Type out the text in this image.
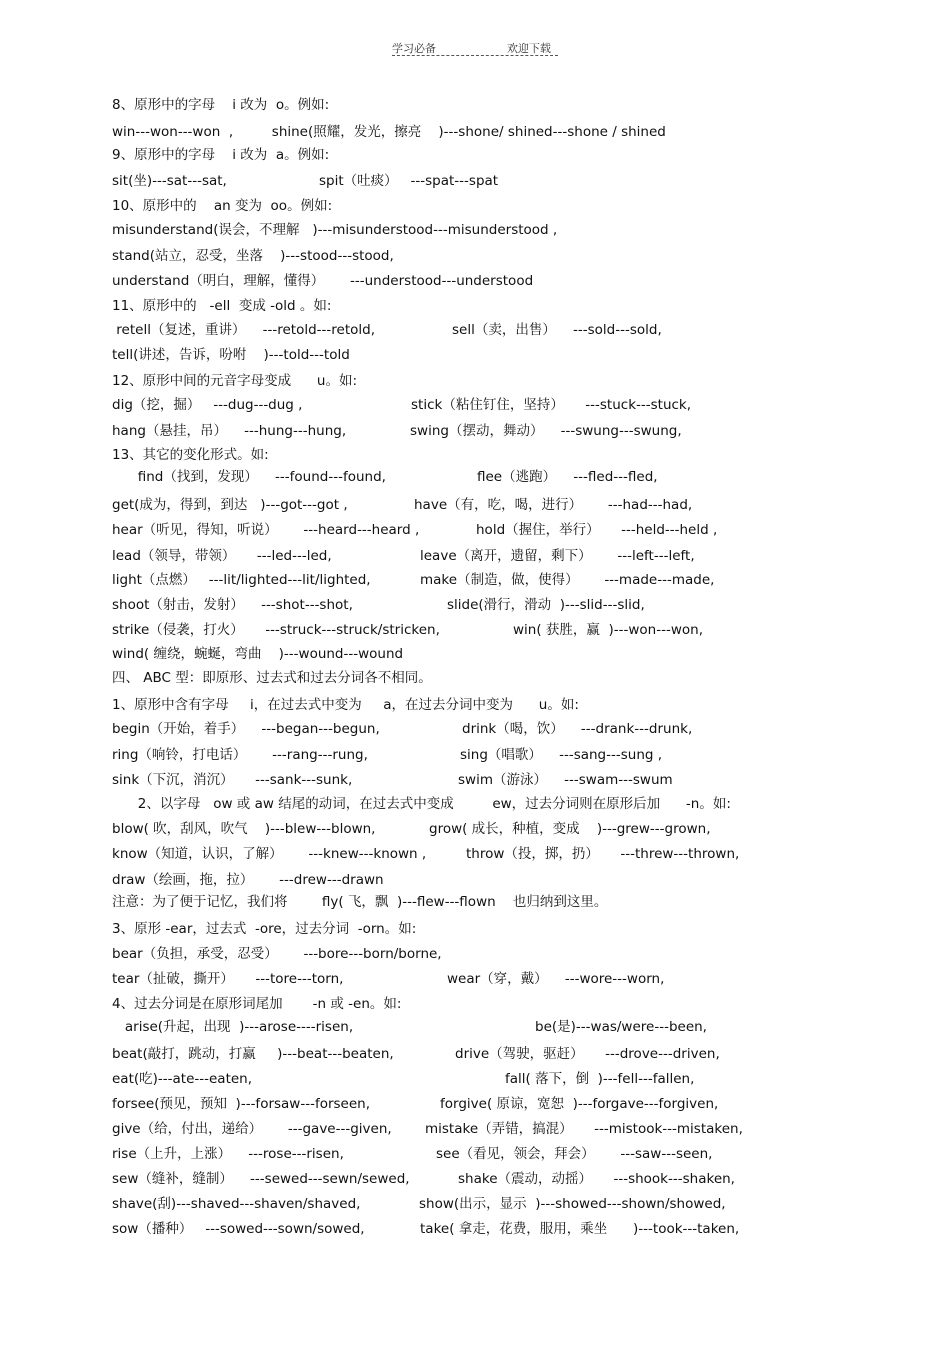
学习必备	欢迎下载
8、原形中的字母    i 改为  o。例如:
win---won---won  ,         shine(照耀，发光，擦亮    )---shone/ shined---shone / shined
9、原形中的字母    i 改为  a。例如:
sit(坐)---sat---sat,	spit（吐痰）   ---spat---spat
10、原形中的    an 变为  oo。例如:
misunderstand(误会，不理解   )---misunderstood---misunderstood ,
stand(站立，忍受，坐落    )---stood---stood,
understand（明白，理解，懂得）      ---understood---understood
11、原形中的   -ell  变成 -old 。如:
retell（复述，重讲）    ---retold---retold,	sell（卖，出售）    ---sold---sold,
tell(讲述，告诉，吩咐    )---told---told
12、原形中间的元音字母变成      u。如:
dig（挖，掘）   ---dug---dug ,	stick（粘住钉住，坚持）     ---stuck---stuck,
hang（悬挂，吊）    ---hung---hung,	swing（摆动，舞动）    ---swung---swung,
13、其它的变化形式。如:
find（找到，发现）    ---found---found,	flee（逃跑）    ---fled---fled,
get(成为，得到，到达   )---got---got ,	have（有，吃，喝，进行）      ---had---had,
hear（听见，得知，听说）      ---heard---heard ,	hold（握住，举行）     ---held---held ,
lead（领导，带领）     ---led---led,	leave（离开，遗留，剩下）      ---left---left,
light（点燃）   ---lit/lighted---lit/lighted,	make（制造，做，使得）      ---made---made,
shoot（射击，发射）    ---shot---shot,	slide(滑行，滑动  )---slid---slid,
strike（侵袭，打火）     ---struck---struck/stricken,	win( 获胜，赢  )---won---won,
wind( 缠绕，蜿蜒，弯曲    )---wound---wound
四、 ABC 型：即原形、过去式和过去分词各不相同。
1、原形中含有字母     i，在过去式中变为     a，在过去分词中变为      u。如:
begin（开始，着手）    ---began---begun,	drink（喝，饮）    ---drank---drunk,
ring（响铃，打电话）      ---rang---rung,	sing（唱歌）    ---sang---sung ,
sink（下沉，消沉）     ---sank---sunk,	swim（游泳）    ---swam---swum
2、以字母   ow 或 aw 结尾的动词，在过去式中变成         ew，过去分词则在原形后加      -n。如:
blow( 吹，刮风，吹气    )---blew---blown,	grow( 成长，种植，变成    )---grew---grown,
know（知道，认识，了解）      ---knew---known ,	throw（投，掷，扔）     ---threw---thrown,
draw（绘画，拖，拉）      ---drew---drawn
注意：为了便于记忆，我们将        fly( 飞，飘  )---flew---flown    也归纳到这里。
3、原形 -ear，过去式  -ore，过去分词  -orn。如:
bear（负担，承受，忍受）      ---bore---born/borne,
tear（扯破，撕开）     ---tore---torn,	wear（穿，戴）    ---wore---worn,
4、过去分词是在原形词尾加       -n 或 -en。如:
arise(升起，出现  )---arose----risen,	be(是)---was/were---been,
beat(敲打，跳动，打赢     )---beat---beaten,	drive（驾驶，驱赶）     ---drove---driven,
eat(吃)---ate---eaten,	fall( 落下，倒  )---fell---fallen,
forsee(预见，预知  )---forsaw---forseen,	forgive( 原谅，宽恕  )---forgave---forgiven,
give（给，付出，递给）      ---gave---given, mistake（弄错，搞混）     ---mistook---mistaken,
rise（上升，上涨）    ---rose---risen,	see（看见，领会，拜会）      ---saw---seen,
sew（缝补，缝制）    ---sewed---sewn/sewed,	shake（震动，动摇）     ---shook---shaken,
shave(刮)---shaved---shaven/shaved,	show(出示，显示  )---showed---shown/showed,
sow（播种）   ---sowed---sown/sowed,	take( 拿走，花费，服用，乘坐      )---took---taken,
